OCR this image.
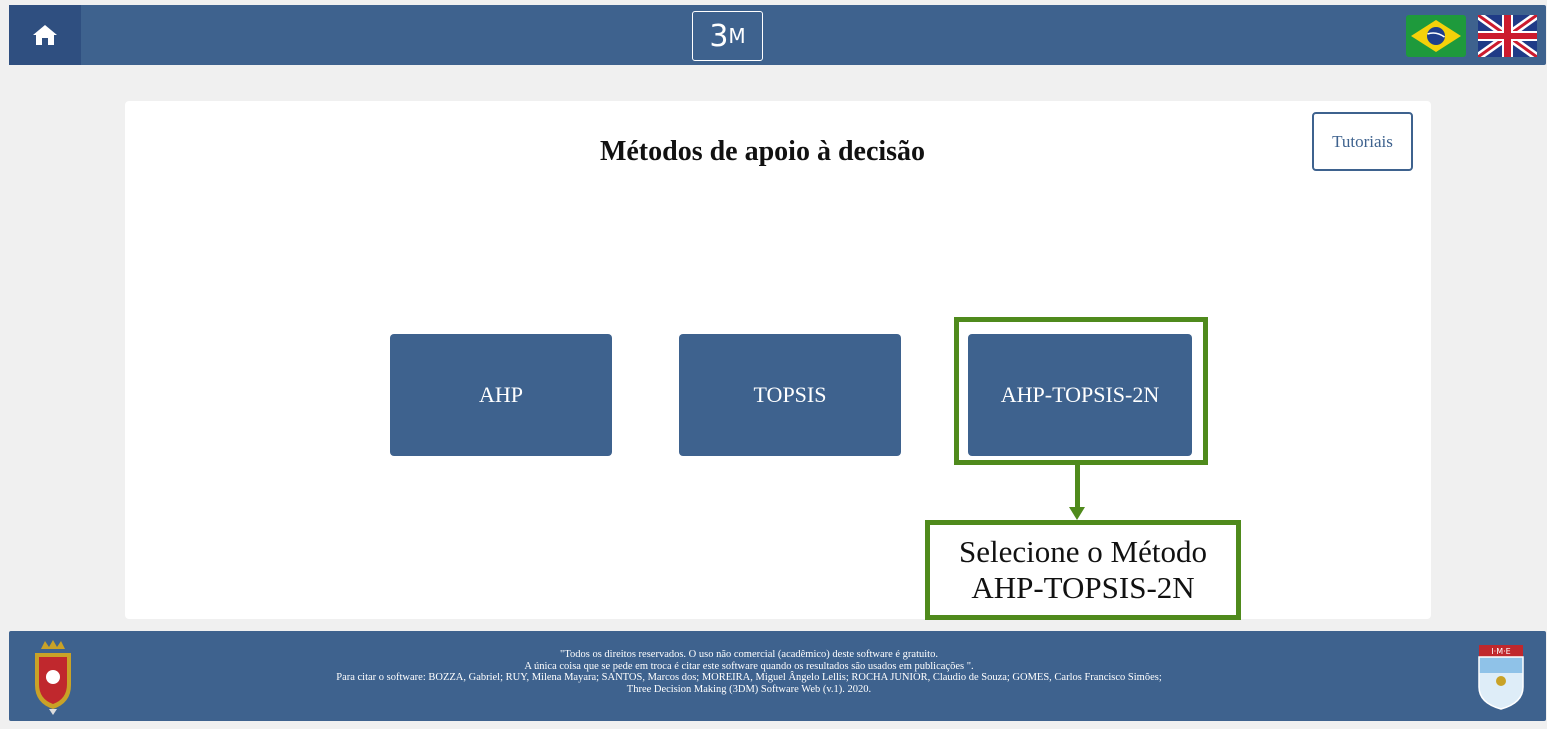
3 M
Métodos de apoio à decisão	Tutoriais
AHP	TOPSIS	AHP-TOPSIS-2N
Selecione o Método
AHP-TOPSIS-2N
"Todos os direitos reservados. O uso não comercial (acadêmico) deste software é gratuito.
A única coisa que se pede em troca é citar este software quando os resultados são usados em publicações ".
Para citar o software: BOZZA, Gabriel; RUY, Milena Mayara; SANTOS, Marcos dos; MOREIRA, Miguel Ângelo Lellis; ROCHA JUNIOR, Claudio de Souza; GOMES, Carlos Francisco Simões;
Three Decision Making (3DM) Software Web (v.1). 2020.
I·M·E
